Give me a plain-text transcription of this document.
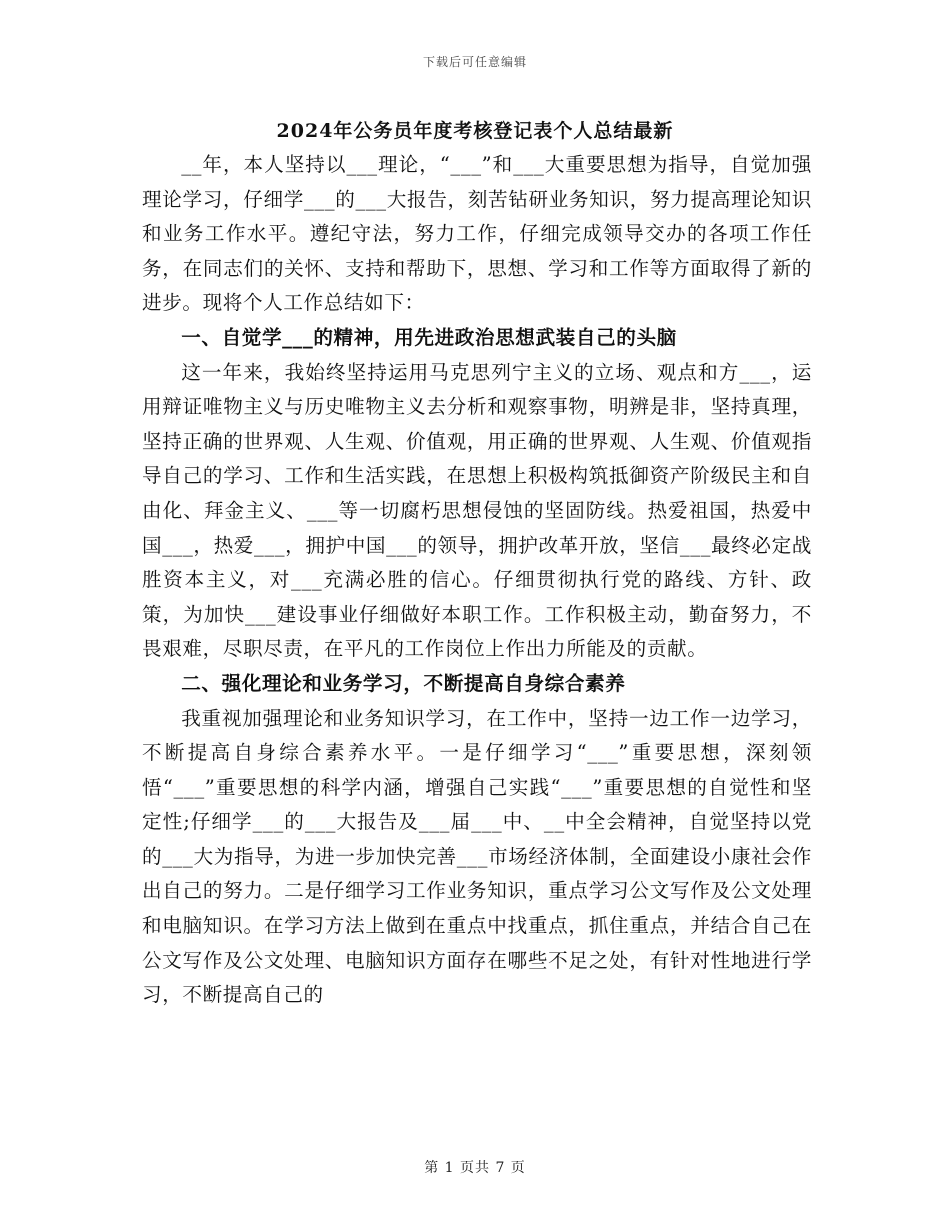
下载后可任意编辑
2024年公务员年度考核登记表个人总结最新

__年，本人坚持以___理论，“___”和___大重要思想为指导，自觉加强理论学习，仔细学___的___大报告，刻苦钻研业务知识，努力提高理论知识和业务工作水平。遵纪守法，努力工作，仔细完成领导交办的各项工作任务，在同志们的关怀、支持和帮助下，思想、学习和工作等方面取得了新的进步。现将个人工作总结如下：

一、自觉学___的精神，用先进政治思想武装自己的头脑

这一年来，我始终坚持运用马克思列宁主义的立场、观点和方___，运用辩证唯物主义与历史唯物主义去分析和观察事物，明辨是非，坚持真理，坚持正确的世界观、人生观、价值观，用正确的世界观、人生观、价值观指导自己的学习、工作和生活实践，在思想上积极构筑抵御资产阶级民主和自由化、拜金主义、___等一切腐朽思想侵蚀的坚固防线。热爱祖国，热爱中国___，热爱___，拥护中国___的领导，拥护改革开放，坚信___最终必定战胜资本主义，对___充满必胜的信心。仔细贯彻执行党的路线、方针、政策，为加快___建设事业仔细做好本职工作。工作积极主动，勤奋努力，不畏艰难，尽职尽责，在平凡的工作岗位上作出力所能及的贡献。

二、强化理论和业务学习，不断提高自身综合素养

我重视加强理论和业务知识学习，在工作中，坚持一边工作一边学习，不断提高自身综合素养水平。一是仔细学习“___”重要思想，深刻领悟“___”重要思想的科学内涵，增强自己实践“___”重要思想的自觉性和坚定性;仔细学___的___大报告及___届___中、__中全会精神，自觉坚持以党的___大为指导，为进一步加快完善___市场经济体制，全面建设小康社会作出自己的努力。二是仔细学习工作业务知识，重点学习公文写作及公文处理和电脑知识。在学习方法上做到在重点中找重点，抓住重点，并结合自己在公文写作及公文处理、电脑知识方面存在哪些不足之处，有针对性地进行学习，不断提高自己的

第 1 页共 7 页
